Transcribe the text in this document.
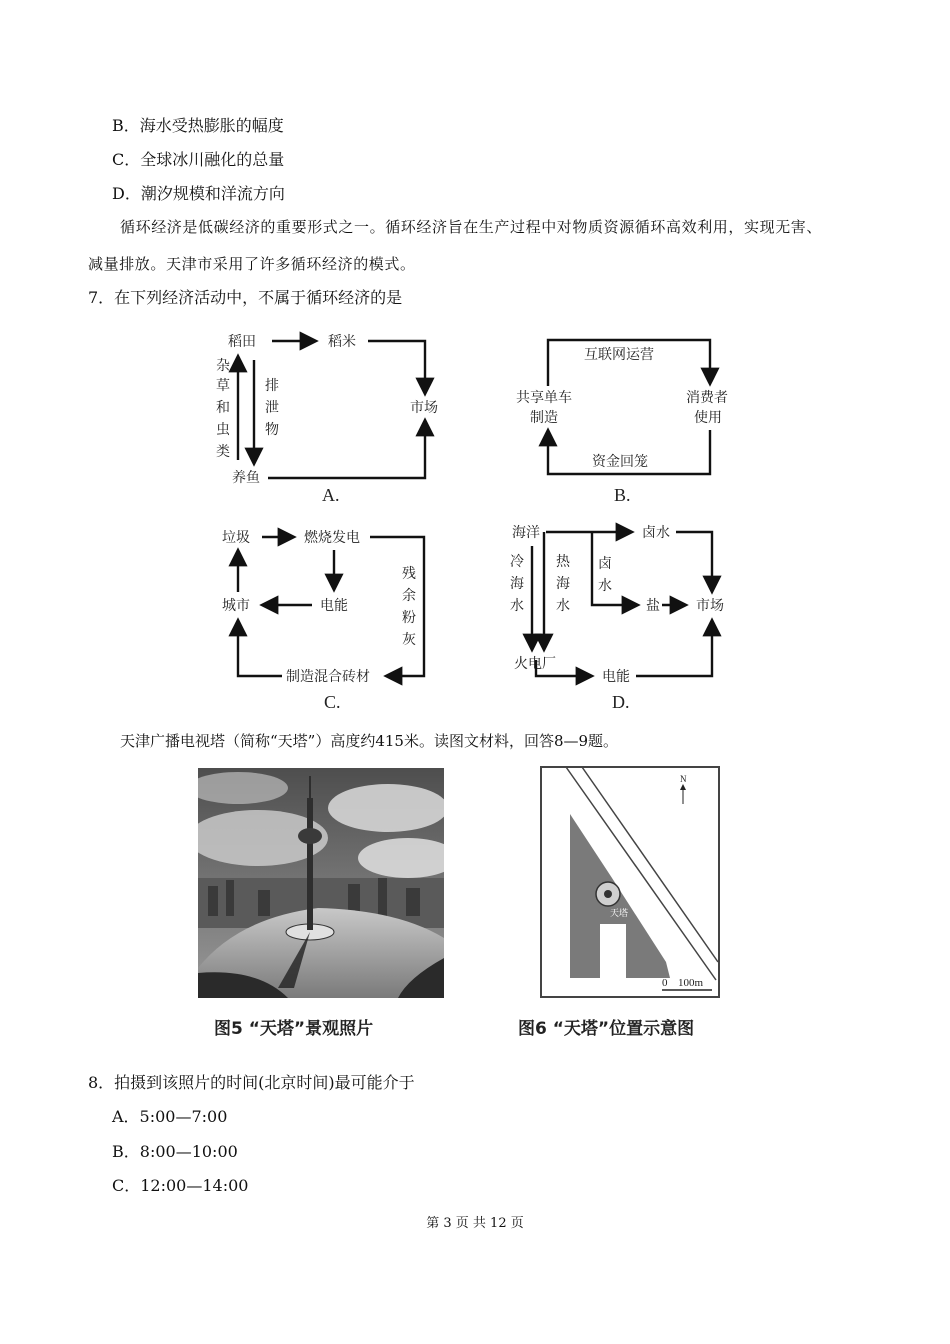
B．海水受热膨胀的幅度
C．全球冰川融化的总量
D．潮汐规模和洋流方向
循环经济是低碳经济的重要形式之一。循环经济旨在生产过程中对物质资源循环高效利用，实现无害、
减量排放。天津市采用了许多循环经济的模式。
7．在下列经济活动中，不属于循环经济的是
稻田	稻米
市场
养鱼
杂
草
和
虫
类
排
泄
物
A.
互联网运营
共享单车
制造
消费者
使用
资金回笼
B.
垃圾	燃烧发电
城市	电能
制造混合砖材
残
余
粉
灰
C.
海洋	卤水
盐	市场
火电厂
电能
冷
海
水
热
海
水
卤
水
D.
天津广播电视塔（简称“天塔”）高度约415米。读图文材料，回答8—9题。
天塔
N
0 100m
图5 “天塔”景观照片	图6 “天塔”位置示意图
8．拍摄到该照片的时间(北京时间)最可能介于
A．5:00—7:00
B．8:00—10:00
C．12:00—14:00
第 3 页 共 12 页
